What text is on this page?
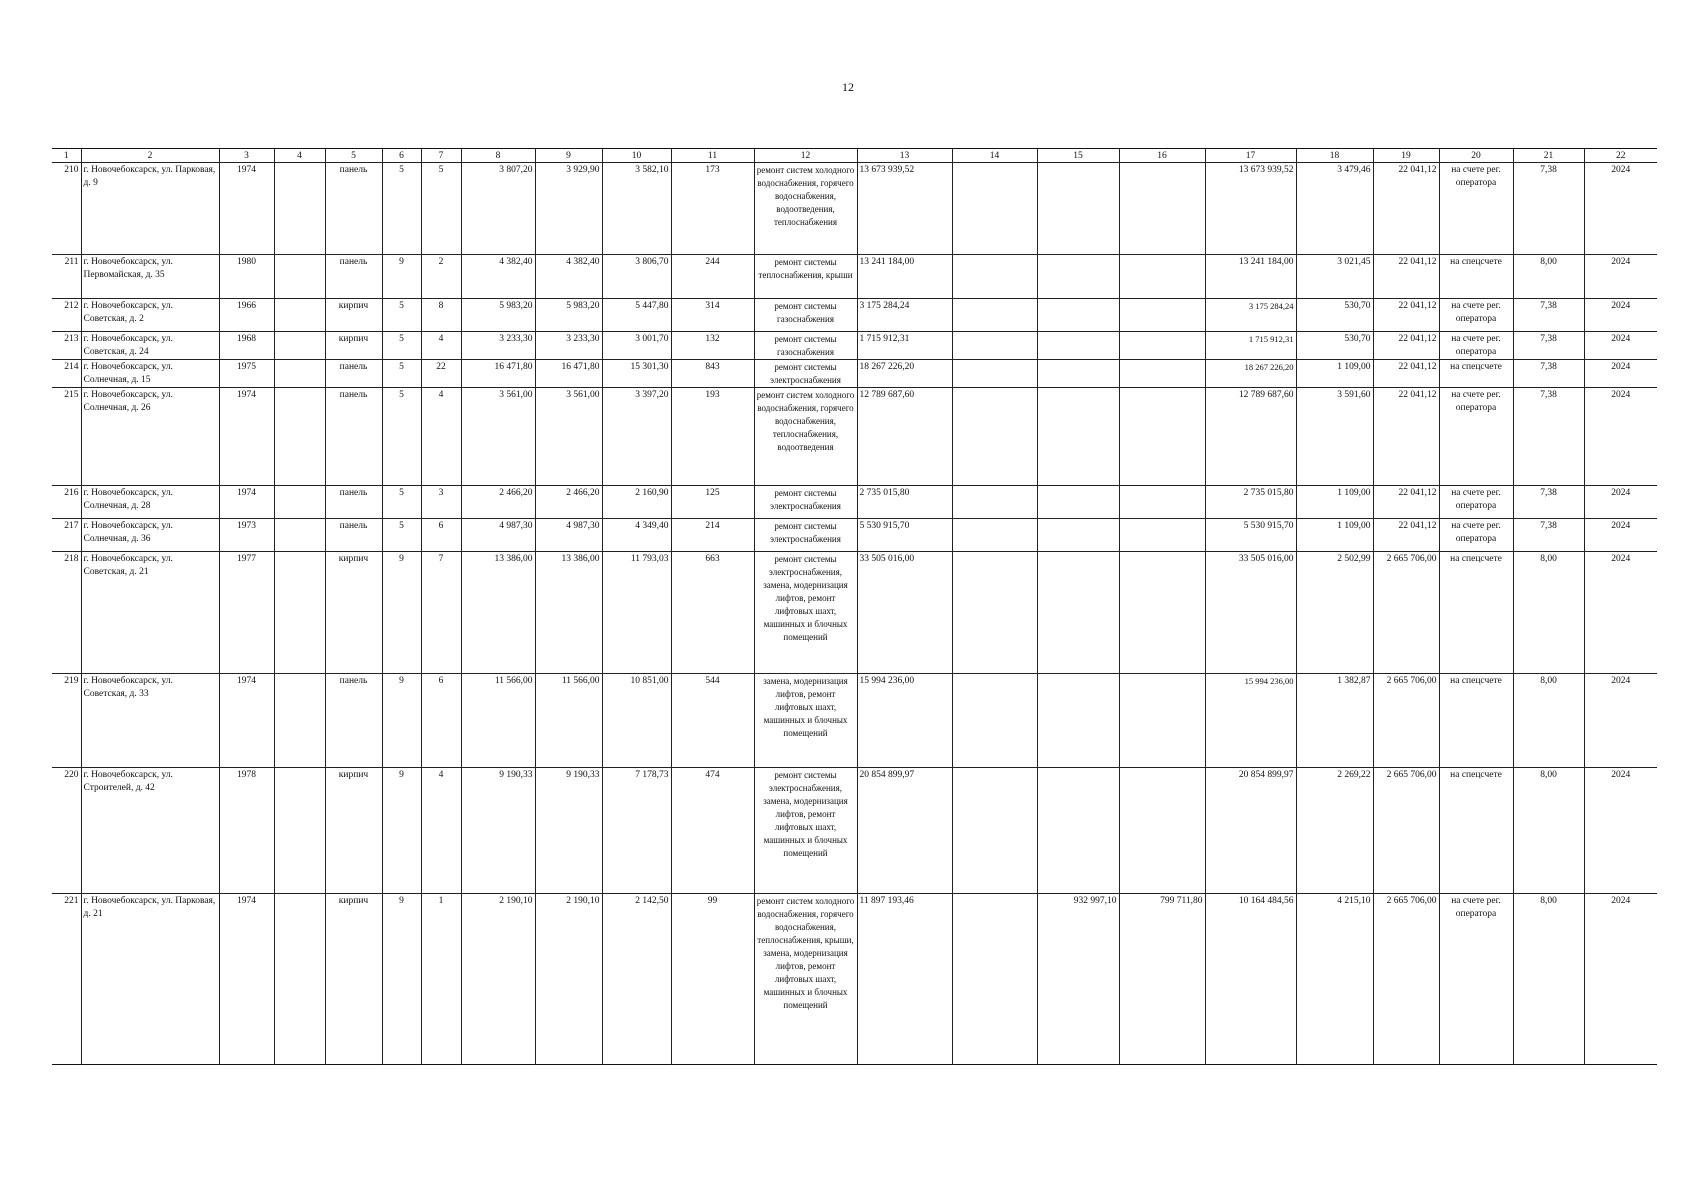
12
1	2	3	4	5	6	7	8	9	10	11	12	13	14	15	16	17	18	19	20	21	22
210	г. Новочебоксарск, ул. Парковая, д. 9	1974		панель	5	5	3 807,20	3 929,90	3 582,10	173	ремонт систем холодного водоснабжения, горячего водоснабжения, водоотведения, теплоснабжения	13 673 939,52				13 673 939,52	3 479,46	22 041,12	на счете рег. оператора	7,38	2024
211	г. Новочебоксарск, ул. Первомайская, д. 35	1980		панель	9	2	4 382,40	4 382,40	3 806,70	244	ремонт системы теплоснабжения, крыши	13 241 184,00				13 241 184,00	3 021,45	22 041,12	на спецсчете	8,00	2024
212	г. Новочебоксарск, ул. Советская, д. 2	1966		кирпич	5	8	5 983,20	5 983,20	5 447,80	314	ремонт системы газоснабжения	3 175 284,24				3 175 284,24	530,70	22 041,12	на счете рег. оператора	7,38	2024
213	г. Новочебоксарск, ул. Советская, д. 24	1968		кирпич	5	4	3 233,30	3 233,30	3 001,70	132	ремонт системы газоснабжения	1 715 912,31				1 715 912,31	530,70	22 041,12	на счете рег. оператора	7,38	2024
214	г. Новочебоксарск, ул. Солнечная, д. 15	1975		панель	5	22	16 471,80	16 471,80	15 301,30	843	ремонт системы электроснабжения	18 267 226,20				18 267 226,20	1 109,00	22 041,12	на спецсчете	7,38	2024
215	г. Новочебоксарск, ул. Солнечная, д. 26	1974		панель	5	4	3 561,00	3 561,00	3 397,20	193	ремонт систем холодного водоснабжения, горячего водоснабжения, теплоснабжения, водоотведения	12 789 687,60				12 789 687,60	3 591,60	22 041,12	на счете рег. оператора	7,38	2024
216	г. Новочебоксарск, ул. Солнечная, д. 28	1974		панель	5	3	2 466,20	2 466,20	2 160,90	125	ремонт системы электроснабжения	2 735 015,80				2 735 015,80	1 109,00	22 041,12	на счете рег. оператора	7,38	2024
217	г. Новочебоксарск, ул. Солнечная, д. 36	1973		панель	5	6	4 987,30	4 987,30	4 349,40	214	ремонт системы электроснабжения	5 530 915,70				5 530 915,70	1 109,00	22 041,12	на счете рег. оператора	7,38	2024
218	г. Новочебоксарск, ул. Советская, д. 21	1977		кирпич	9	7	13 386,00	13 386,00	11 793,03	663	ремонт системы электроснабжения, замена, модернизация лифтов, ремонт лифтовых шахт, машинных и блочных помещений	33 505 016,00				33 505 016,00	2 502,99	2 665 706,00	на спецсчете	8,00	2024
219	г. Новочебоксарск, ул. Советская, д. 33	1974		панель	9	6	11 566,00	11 566,00	10 851,00	544	замена, модернизация лифтов, ремонт лифтовых шахт, машинных и блочных помещений	15 994 236,00				15 994 236,00	1 382,87	2 665 706,00	на спецсчете	8,00	2024
220	г. Новочебоксарск, ул. Строителей, д. 42	1978		кирпич	9	4	9 190,33	9 190,33	7 178,73	474	ремонт системы электроснабжения, замена, модернизация лифтов, ремонт лифтовых шахт, машинных и блочных помещений	20 854 899,97				20 854 899,97	2 269,22	2 665 706,00	на спецсчете	8,00	2024
221	г. Новочебоксарск, ул. Парковая, д. 21	1974		кирпич	9	1	2 190,10	2 190,10	2 142,50	99	ремонт систем холодного водоснабжения, горячего водоснабжения, теплоснабжения, крыши, замена, модернизация лифтов, ремонт лифтовых шахт, машинных и блочных помещений	11 897 193,46		932 997,10	799 711,80	10 164 484,56	4 215,10	2 665 706,00	на счете рег. оператора	8,00	2024
